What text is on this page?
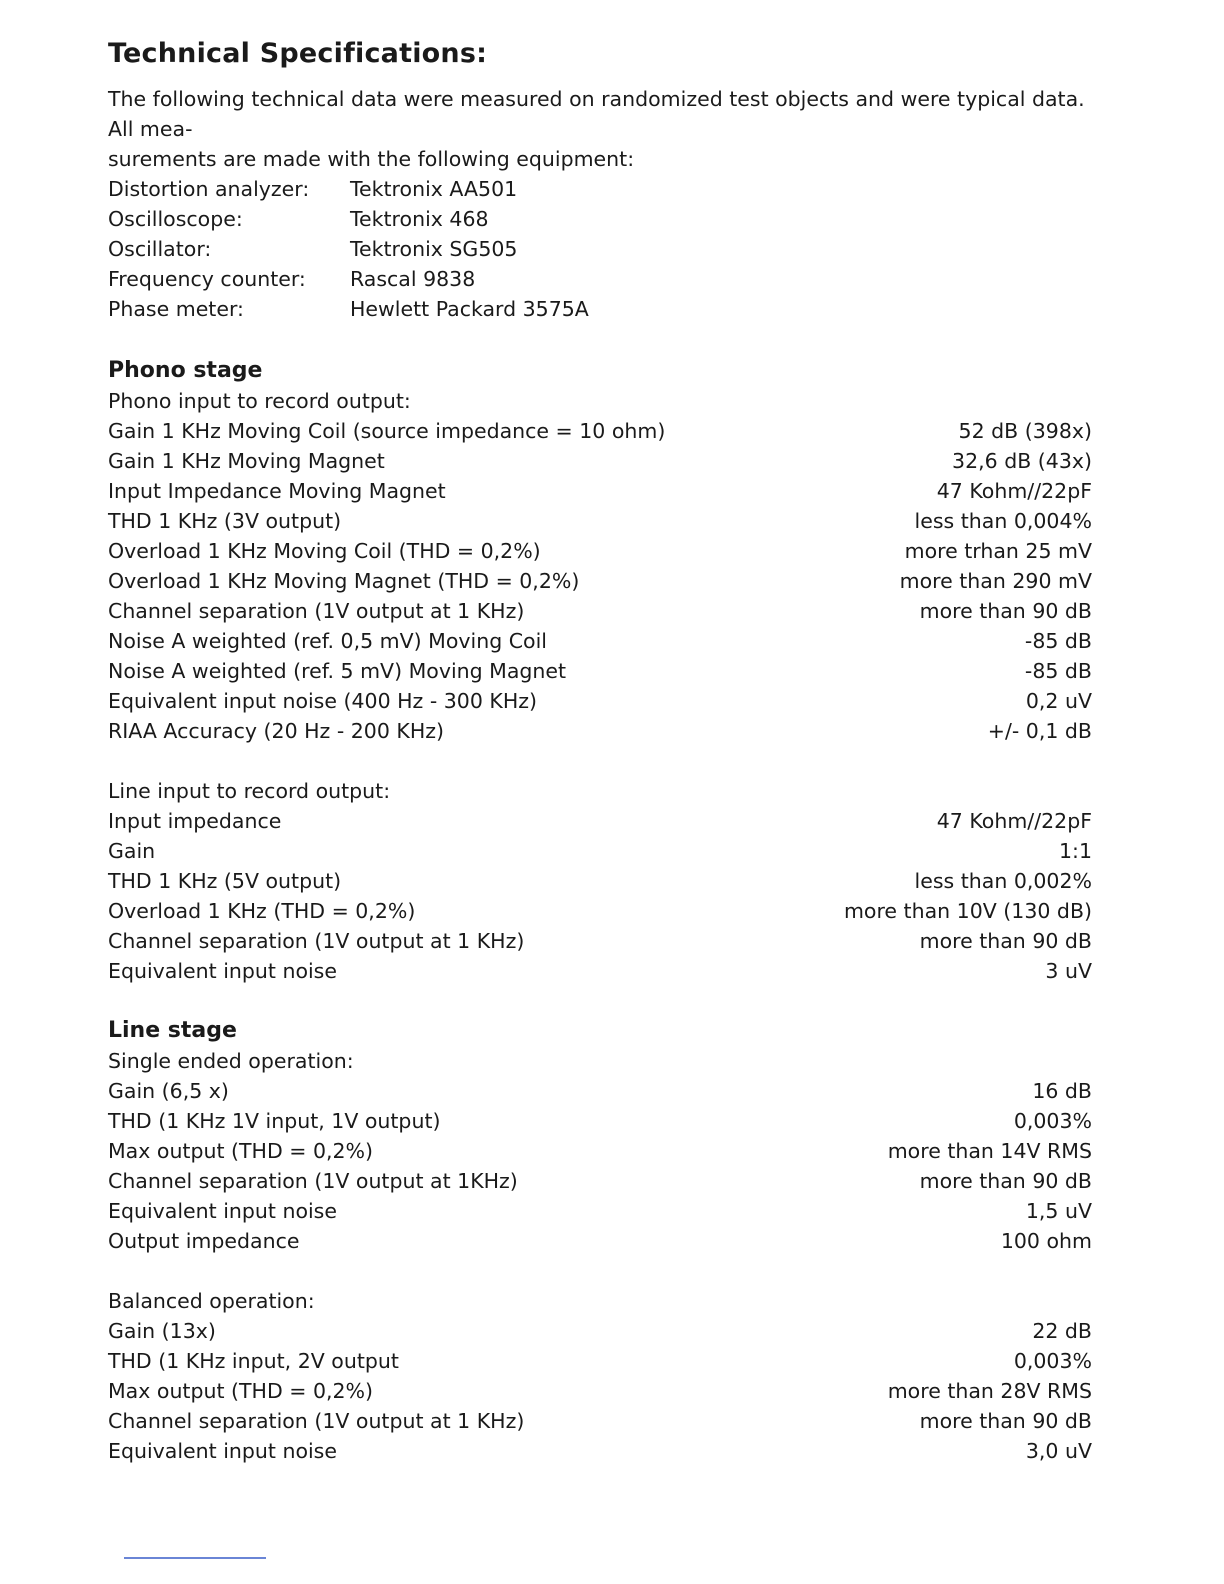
Technical Specifications:

The following technical data were measured on randomized test objects and were typical data. All mea-

surements are made with the following equipment:

Distortion analyzer:	Tektronix AA501
Oscilloscope:	Tektronix 468
Oscillator:	Tektronix SG505
Frequency counter:	Rascal 9838
Phase meter:	Hewlett Packard 3575A
Phono stage
Phono input to record output:
Gain 1 KHz Moving Coil (source impedance = 10 ohm)	52 dB (398x)
Gain 1 KHz Moving Magnet	32,6 dB (43x)
Input Impedance Moving Magnet	47 Kohm//22pF
THD 1 KHz (3V output)	less than 0,004%
Overload 1 KHz Moving Coil (THD = 0,2%)	more trhan 25 mV
Overload 1 KHz Moving Magnet (THD = 0,2%)	more than 290 mV
Channel separation (1V output at 1 KHz)	more than 90 dB
Noise A weighted (ref. 0,5 mV) Moving Coil	-85 dB
Noise A weighted (ref. 5 mV) Moving Magnet	-85 dB
Equivalent input noise (400 Hz - 300 KHz)	0,2 uV
RIAA Accuracy (20 Hz - 200 KHz)	+/- 0,1 dB
Line input to record output:
Input impedance	47 Kohm//22pF
Gain	1:1
THD 1 KHz (5V output)	less than 0,002%
Overload 1 KHz (THD = 0,2%)	more than 10V (130 dB)
Channel separation (1V output at 1 KHz)	more than 90 dB
Equivalent input noise	3 uV
Line stage
Single ended operation:
Gain (6,5 x)	16 dB
THD (1 KHz 1V input, 1V output)	0,003%
Max output (THD = 0,2%)	more than 14V RMS
Channel separation (1V output at 1KHz)	more than 90 dB
Equivalent input noise	1,5 uV
Output impedance	100 ohm
Balanced operation:
Gain (13x)	22 dB
THD (1 KHz input, 2V output	0,003%
Max output (THD = 0,2%)	more than 28V RMS
Channel separation (1V output at 1 KHz)	more than 90 dB
Equivalent input noise	3,0 uV
